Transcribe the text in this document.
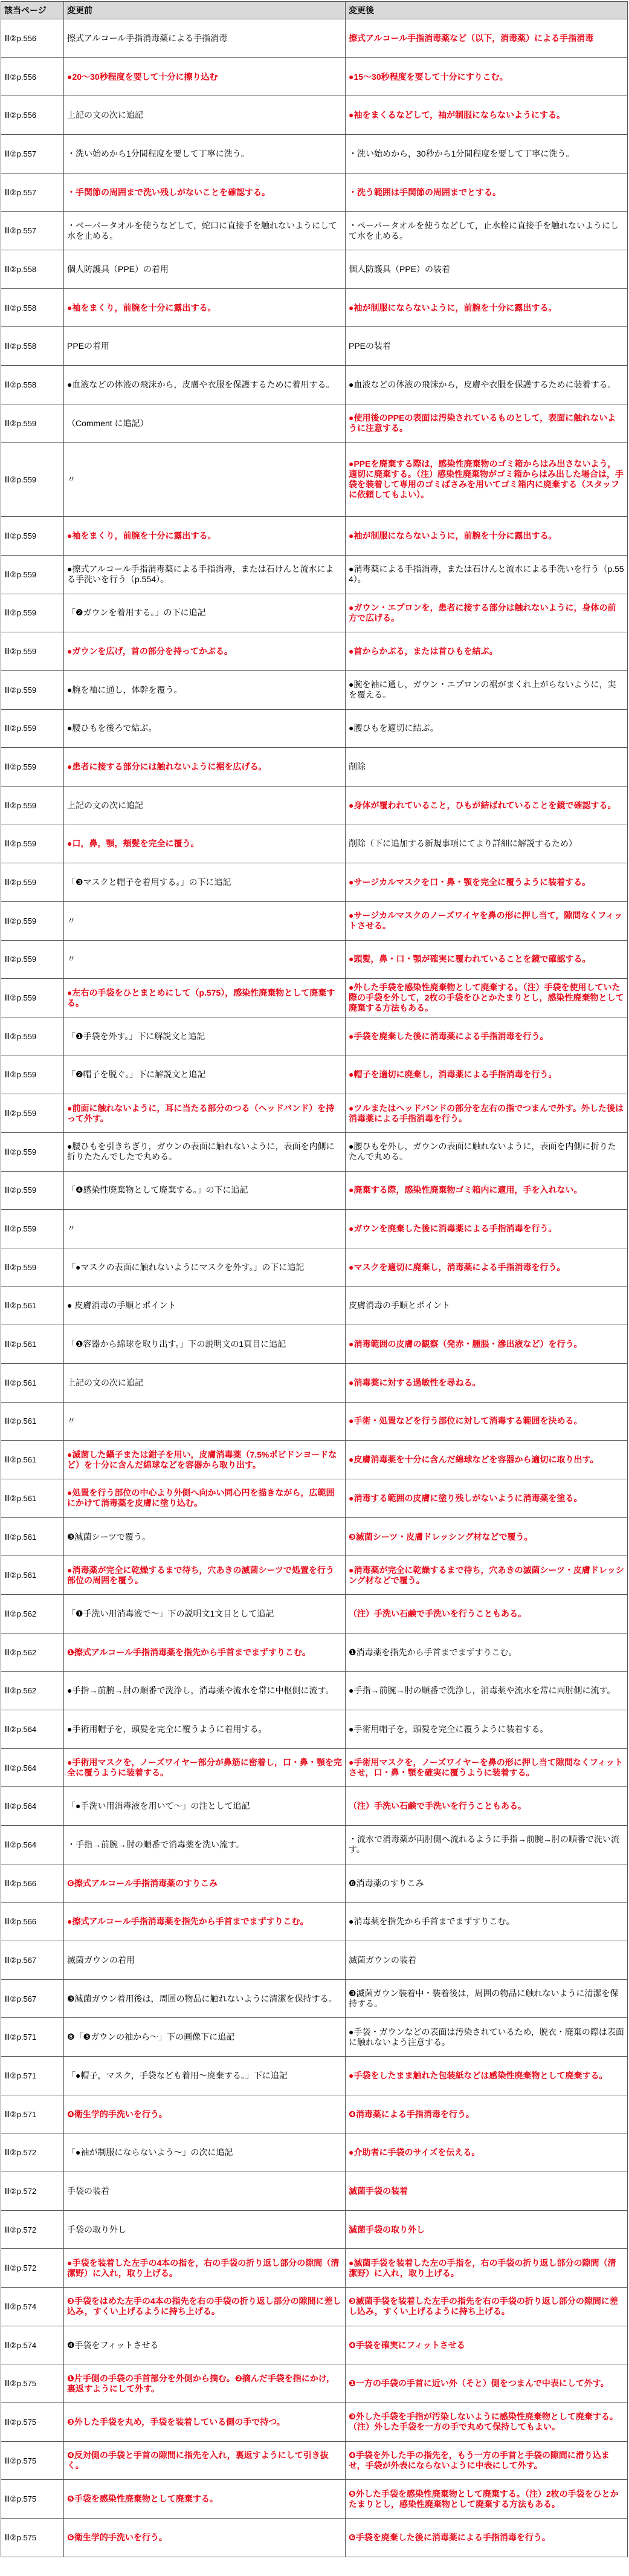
該当ページ	変更前	変更後
Ⅲ②p.556	擦式アルコール手指消毒薬による手指消毒	擦式アルコール手指消毒薬など（以下，消毒薬）による手指消毒
Ⅲ②p.556	●20〜30秒程度を要して十分に擦り込む	●15〜30秒程度を要して十分にすりこむ。
Ⅲ②p.556	上記の文の次に追記	●袖をまくるなどして，袖が制服にならないようにする。
Ⅲ②p.557	・洗い始めから1分間程度を要して丁寧に洗う。	・洗い始めから，30秒から1分間程度を要して丁寧に洗う。
Ⅲ②p.557	・手関節の周囲まで洗い残しがないことを確認する。	・洗う範囲は手関節の周囲までとする。
Ⅲ②p.557	・ペーパータオルを使うなどして，蛇口に直接手を触れないようにして水を止める。	・ペーパータオルを使うなどして，止水栓に直接手を触れないようにして水を止める。
Ⅲ②p.558	個人防護具（PPE）の着用	個人防護具（PPE）の装着
Ⅲ②p.558	●袖をまくり，前腕を十分に露出する。	●袖が制服にならないように，前腕を十分に露出する。
Ⅲ②p.558	PPEの着用	PPEの装着
Ⅲ②p.558	●血液などの体液の飛沫から，皮膚や衣服を保護するために着用する。	●血液などの体液の飛沫から，皮膚や衣服を保護するために装着する。
Ⅲ②p.559	（Comment に追記）	●使用後のPPEの表面は汚染されているものとして，表面に触れないように注意する。
Ⅲ②p.559	〃	●PPEを廃棄する際は，感染性廃棄物のゴミ箱からはみ出さないよう，適切に廃棄する。（注）感染性廃棄物がゴミ箱からはみ出した場合は，手袋を装着して専用のゴミばさみを用いてゴミ箱内に廃棄する（スタッフに依頼してもよい）。
Ⅲ②p.559	●袖をまくり，前腕を十分に露出する。	●袖が制服にならないように，前腕を十分に露出する。
Ⅲ②p.559	●擦式アルコール手指消毒薬による手指消毒，または石けんと流水による手洗いを行う（p.554）。	●消毒薬による手指消毒，または石けんと流水による手洗いを行う（p.554）。
Ⅲ②p.559	「❷ガウンを着用する。」の下に追記	●ガウン・エプロンを，患者に接する部分は触れないように，身体の前方で広げる。
Ⅲ②p.559	●ガウンを広げ，首の部分を持ってかぶる。	●首からかぶる，または首ひもを結ぶ。
Ⅲ②p.559	●腕を袖に通し，体幹を覆う。	●腕を袖に通し，ガウン・エプロンの裾がまくれ上がらないように，実を覆える。
Ⅲ②p.559	●腰ひもを後ろで結ぶ。	●腰ひもを適切に結ぶ。
Ⅲ②p.559	●患者に接する部分には触れないように裾を広げる。	削除
Ⅲ②p.559	上記の文の次に追記	●身体が覆われていること，ひもが結ばれていることを鏡で確認する。
Ⅲ②p.559	●口，鼻，顎，頬髪を完全に覆う。	削除（下に追加する新規事項にてより詳細に解説するため）
Ⅲ②p.559	「❸マスクと帽子を着用する。」の下に追記	●サージカルマスクを口・鼻・顎を完全に覆うように装着する。
Ⅲ②p.559	〃	●サージカルマスクのノーズワイヤを鼻の形に押し当て，隙間なくフィットさせる。
Ⅲ②p.559	〃	●頭髪，鼻・口・顎が確実に覆われていることを鏡で確認する。
Ⅲ②p.559	●左右の手袋をひとまとめにして（p.575），感染性廃棄物として廃棄する。	●外した手袋を感染性廃棄物として廃棄する。（注）手袋を使用していた際の手袋を外して，2枚の手袋をひとかたまりとし，感染性廃棄物として廃棄する方法もある。
Ⅲ②p.559	「❶手袋を外す。」下に解説文と追記	●手袋を廃棄した後に消毒薬による手指消毒を行う。
Ⅲ②p.559	「❷帽子を脱ぐ。」下に解説文と追記	●帽子を適切に廃棄し，消毒薬による手指消毒を行う。
Ⅲ②p.559	●前面に触れないように，耳に当たる部分のつる（ヘッドバンド）を持って外す。	●ツルまたはヘッドバンドの部分を左右の指でつまんで外す。外した後は消毒薬による手指消毒を行う。
Ⅲ②p.559	●腰ひもを引きちぎり，ガウンの表面に触れないように，表面を内側に折りたたんでしたで丸める。	●腰ひもを外し，ガウンの表面に触れないように，表面を内側に折りたたんで丸める。
Ⅲ②p.559	「❹感染性廃棄物として廃棄する。」の下に追記	●廃棄する際，感染性廃棄物ゴミ箱内に適用，手を入れない。
Ⅲ②p.559	〃	●ガウンを廃棄した後に消毒薬による手指消毒を行う。
Ⅲ②p.559	「●マスクの表面に触れないようにマスクを外す。」の下に追記	●マスクを適切に廃棄し，消毒薬による手指消毒を行う。
Ⅲ②p.561	● 皮膚消毒の手順とポイント	皮膚消毒の手順とポイント
Ⅲ②p.561	「❶容器から綿球を取り出す。」下の説明文の1頁目に追記	●消毒範囲の皮膚の観察（発赤・腫脹・滲出液など）を行う。
Ⅲ②p.561	上記の文の次に追記	●消毒薬に対する過敏性を尋ねる。
Ⅲ②p.561	〃	●手術・処置などを行う部位に対して消毒する範囲を決める。
Ⅲ②p.561	●滅菌した鑷子または鉗子を用い，皮膚消毒薬（7.5%ポビドンヨードなど）を十分に含んだ綿球などを容器から取り出す。	●皮膚消毒薬を十分に含んだ綿球などを容器から適切に取り出す。
Ⅲ②p.561	●処置を行う部位の中心より外側へ向かい同心円を描きながら，広範囲にかけて消毒薬を皮膚に塗り込む。	●消毒する範囲の皮膚に塗り残しがないように消毒薬を塗る。
Ⅲ②p.561	❸滅菌シーツで覆う。	❸滅菌シーツ・皮膚ドレッシング材などで覆う。
Ⅲ②p.561	●消毒薬が完全に乾燥するまで待ち，穴あきの滅菌シーツで処置を行う部位の周囲を覆う。	●消毒薬が完全に乾燥するまで待ち，穴あきの滅菌シーツ・皮膚ドレッシング材などで覆う。
Ⅲ②p.562	「❶手洗い用消毒液で〜」下の説明文1文目として追記	（注）手洗い石鹸で手洗いを行うこともある。
Ⅲ②p.562	❶擦式アルコール手指消毒薬を指先から手首までまずすりこむ。	❶消毒薬を指先から手首までまずすりこむ。
Ⅲ②p.562	●手指→前腕→肘の順番で洗浄し，消毒薬や流水を常に中枢側に流す。	●手指→前腕→肘の順番で洗浄し，消毒薬や流水を常に両肘側に流す。
Ⅲ②p.564	●手術用帽子を，頭髪を完全に覆うように着用する。	●手術用帽子を，頭髪を完全に覆うように装着する。
Ⅲ②p.564	●手術用マスクを，ノーズワイヤー部分が鼻筋に密着し，口・鼻・顎を完全に覆うように装着する。	●手術用マスクを，ノーズワイヤーを鼻の形に押し当て隙間なくフィットさせ，口・鼻・顎を確実に覆うように装着する。
Ⅲ②p.564	「●手洗い用消毒液を用いて〜」の注として追記	（注）手洗い石鹸で手洗いを行うこともある。
Ⅲ②p.564	・手指→前腕→肘の順番で消毒薬を洗い流す。	・流水で消毒薬が両肘側へ流れるように手指→前腕→肘の順番で洗い流す。
Ⅲ②p.566	❻擦式アルコール手指消毒薬のすりこみ	❻消毒薬のすりこみ
Ⅲ②p.566	●擦式アルコール手指消毒薬を指先から手首までまずすりこむ。	●消毒薬を指先から手首までまずすりこむ。
Ⅲ②p.567	滅菌ガウンの着用	滅菌ガウンの装着
Ⅲ②p.567	❸滅菌ガウン着用後は，周囲の物品に触れないように清潔を保持する。	❸滅菌ガウン装着中・装着後は，周囲の物品に触れないように清潔を保持する。
Ⅲ②p.571	❽「❸ガウンの袖から〜」下の画像下に追記	●手袋・ガウンなどの表面は汚染されているため，脱衣・廃棄の際は表面に触れないよう注意する。
Ⅲ②p.571	「●帽子，マスク，手袋なども着用〜廃棄する。」下に追記	●手袋をしたまま触れた包装紙などは感染性廃棄物として廃棄する。
Ⅲ②p.571	❹衛生学的手洗いを行う。	❹消毒薬による手指消毒を行う。
Ⅲ②p.572	「●袖が制服にならないよう〜」の次に追記	●介助者に手袋のサイズを伝える。
Ⅲ②p.572	手袋の装着	滅菌手袋の装着
Ⅲ②p.572	手袋の取り外し	滅菌手袋の取り外し
Ⅲ②p.572	●手袋を装着した左手の4本の指を，右の手袋の折り返し部分の隙間（清潔野）に入れ，取り上げる。	●滅菌手袋を装着した左の手指を，右の手袋の折り返し部分の隙間（清潔野）に入れ，取り上げる。
Ⅲ②p.574	❸手袋をはめた左手の4本の指先を右の手袋の折り返し部分の隙間に差し込み，すくい上げるように持ち上げる。	❸滅菌手袋を装着した左手の指先を右の手袋の折り返し部分の隙間に差し込み，すくい上げるように持ち上げる。
Ⅲ②p.574	❹手袋をフィットさせる	❹手袋を確実にフィットさせる
Ⅲ②p.575	❶片手側の手袋の手首部分を外側から摘む。❷摘んだ手袋を指にかけ，裏返すようにして外す。	❶一方の手袋の手首に近い外（そと）側をつまんで中表にして外す。
Ⅲ②p.575	❸外した手袋を丸め，手袋を装着している側の手で持つ。	❸外した手袋を手指が汚染しないように感染性廃棄物として廃棄する。（注）外した手袋を一方の手で丸めて保持してもよい。
Ⅲ②p.575	❹反対側の手袋と手首の隙間に指先を入れ，裏返すようにして引き抜く。	❹手袋を外した手の指先を，もう一方の手首と手袋の隙間に滑り込ませ，手袋が外表にならないように中表にして外す。
Ⅲ②p.575	❺手袋を感染性廃棄物として廃棄する。	❺外した手袋を感染性廃棄物として廃棄する。（注）2枚の手袋をひとかたまりとし，感染性廃棄物として廃棄する方法もある。
Ⅲ②p.575	❻衛生学的手洗いを行う。	❻手袋を廃棄した後に消毒薬による手指消毒を行う。
